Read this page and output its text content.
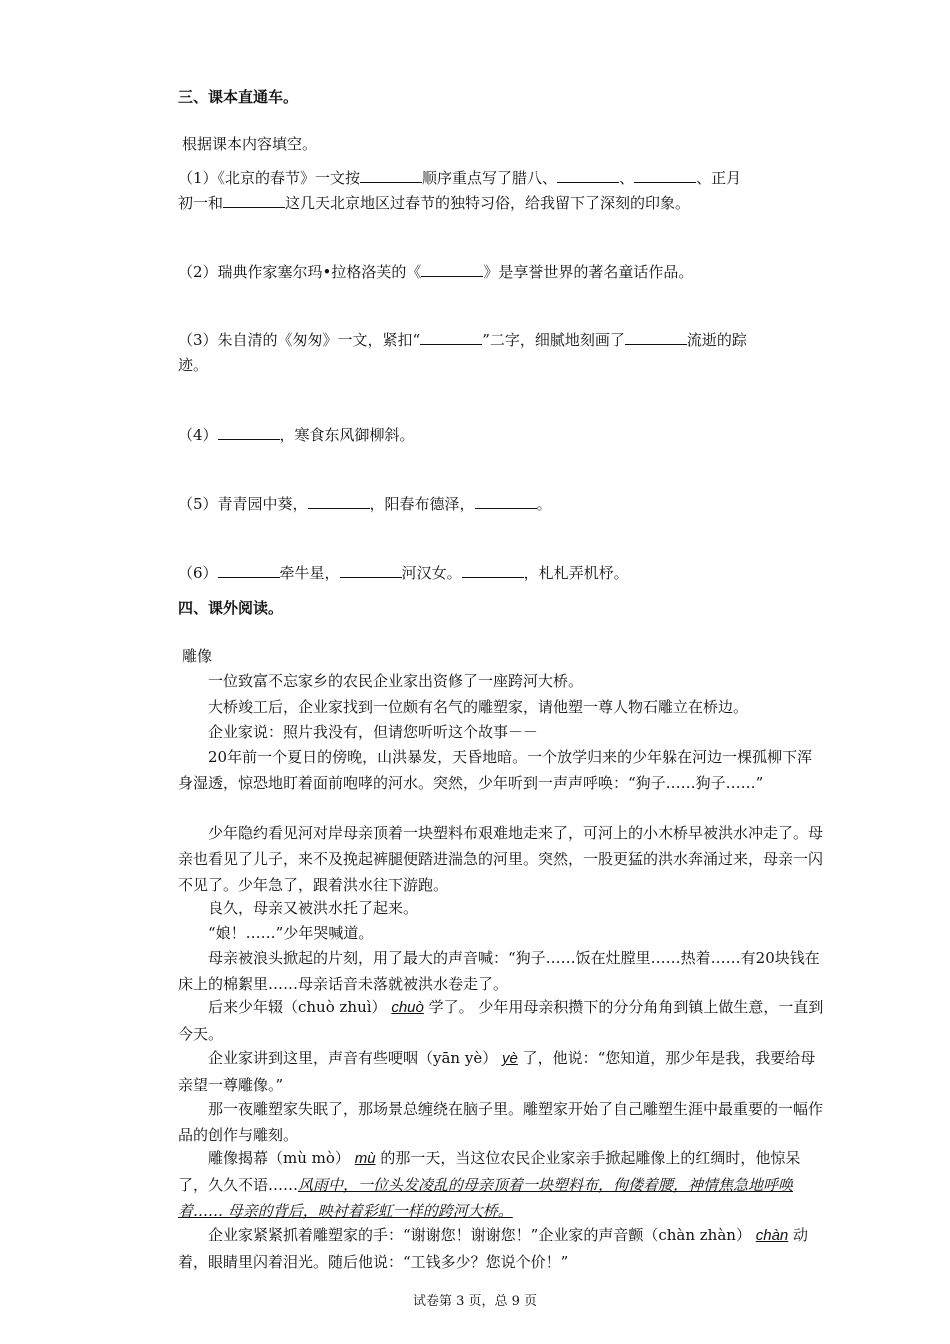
三、课本直通车。
根据课本内容填空。
（1）《北京的春节》一文按	顺序重点写了腊八、	、	、正月
初一和	这几天北京地区过春节的独特习俗，给我留下了深刻的印象。
（2）瑞典作家塞尔玛•拉格洛芙的《	》是享誉世界的著名童话作品。
（3）朱自清的《匆匆》一文，紧扣“	”二字，细腻地刻画了	流逝的踪
迹。
（4）	，寒食东风御柳斜。
（5）青青园中葵，	，阳春布德泽，	。
（6）	牵牛星，	河汉女。	，札札弄机杼。
四、课外阅读。
雕像
一位致富不忘家乡的农民企业家出资修了一座跨河大桥。
大桥竣工后，企业家找到一位颇有名气的雕塑家，请他塑一尊人物石雕立在桥边。
企业家说：照片我没有，但请您听听这个故事－－
20年前一个夏日的傍晚，山洪暴发，天昏地暗。一个放学归来的少年躲在河边一棵孤柳下浑身湿透，惊恐地盯着面前咆哮的河水。突然，少年听到一声声呼唤：“狗子……狗子……”
少年隐约看见河对岸母亲顶着一块塑料布艰难地走来了，可河上的小木桥早被洪水冲走了。母亲也看见了儿子，来不及挽起裤腿便踏进湍急的河里。突然，一股更猛的洪水奔涌过来，母亲一闪不见了。少年急了，跟着洪水往下游跑。
良久，母亲又被洪水托了起来。
“娘！……”少年哭喊道。
母亲被浪头掀起的片刻，用了最大的声音喊：“狗子……饭在灶膛里……热着……有20块钱在床上的棉絮里……母亲话音未落就被洪水卷走了。
后来少年辍（chuò zhuì） chuò 学了。 少年用母亲积攒下的分分角角到镇上做生意，一直到今天。
企业家讲到这里，声音有些哽咽（yān yè） yè 了，他说：“您知道，那少年是我，我要给母亲望一尊雕像。”
那一夜雕塑家失眠了，那场景总缠绕在脑子里。雕塑家开始了自己雕塑生涯中最重要的一幅作品的创作与雕刻。
雕像揭幕（mù mò） mù 的那一天，当这位农民企业家亲手掀起雕像上的红绸时，他惊呆了，久久不语……风雨中，一位头发凌乱的母亲顶着一块塑料布，佝偻着腰，神情焦急地呼唤着…… 母亲的背后，映衬着彩虹一样的跨河大桥。
企业家紧紧抓着雕塑家的手：“谢谢您！谢谢您！”企业家的声音颤（chàn zhàn） chàn 动着，眼睛里闪着泪光。随后他说：“工钱多少？您说个价！”
试卷第 3 页，总 9 页
